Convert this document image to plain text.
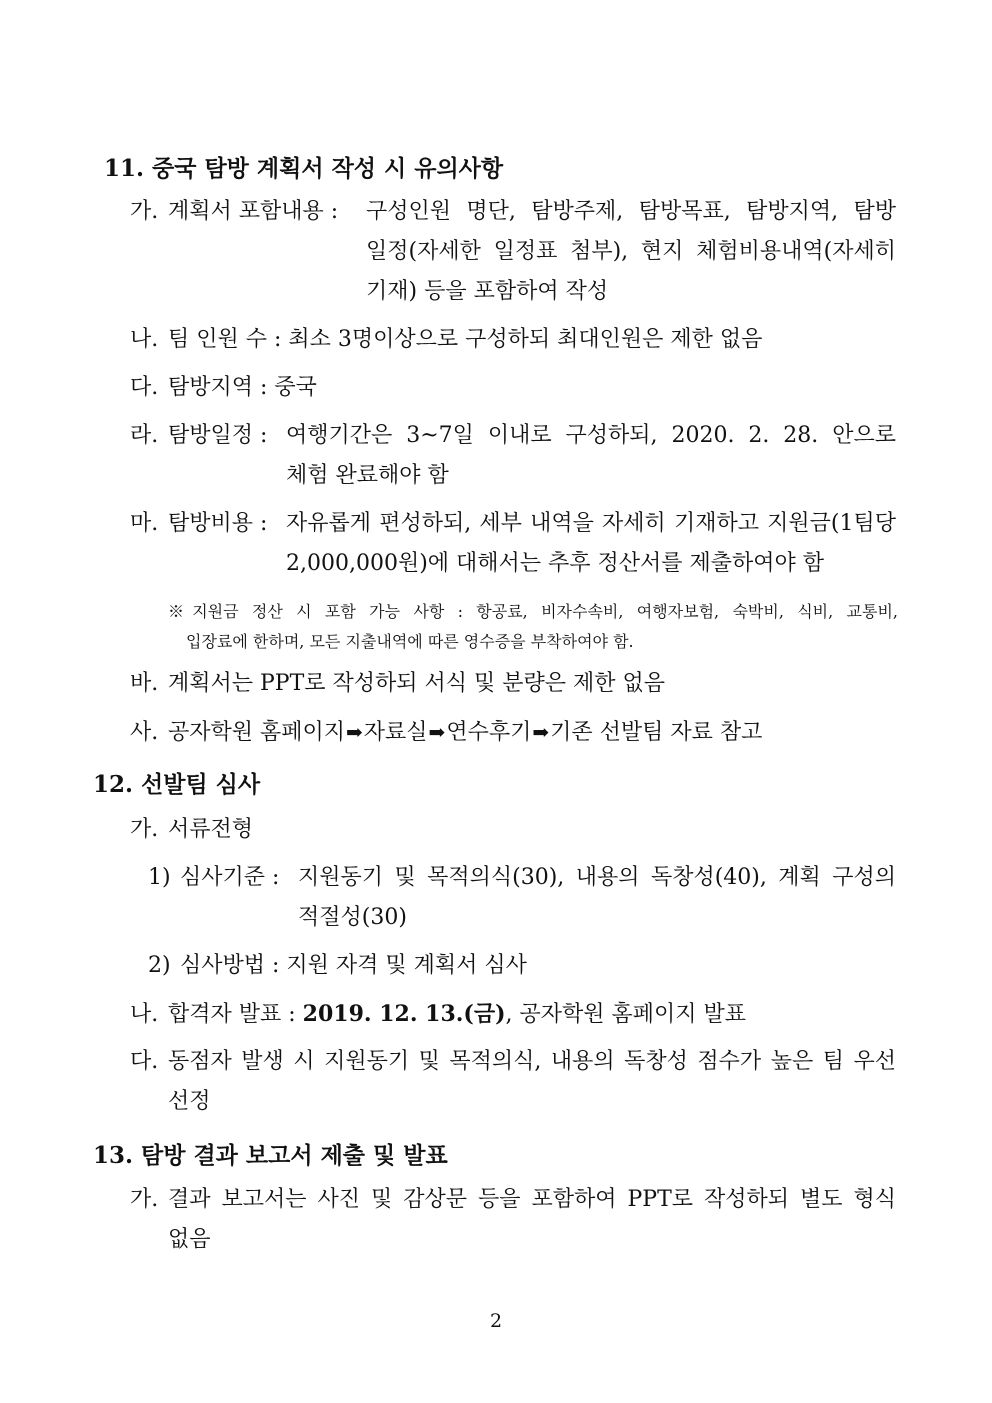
11. 중국 탐방 계획서 작성 시 유의사항
가. 계획서 포함내용 :	구성인원 명단, 탐방주제, 탐방목표, 탐방지역, 탐방 일정(자세한 일정표 첨부), 현지 체험비용내역(자세히 기재) 등을 포함하여 작성
나. 팀 인원 수 : 최소 3명이상으로 구성하되 최대인원은 제한 없음
다. 탐방지역 : 중국
라. 탐방일정 : 여행기간은 3~7일 이내로 구성하되, 2020. 2. 28. 안으로 체험 완료해야 함
마. 탐방비용 : 자유롭게 편성하되, 세부 내역을 자세히 기재하고 지원금(1팀당 2,000,000원)에 대해서는 추후 정산서를 제출하여야 함
※지원금 정산 시 포함 가능 사항 : 항공료, 비자수속비, 여행자보험, 숙박비, 식비, 교통비,
입장료에 한하며, 모든 지출내역에 따른 영수증을 부착하여야 함.
바. 계획서는 PPT로 작성하되 서식 및 분량은 제한 없음
사. 공자학원 홈페이지➡자료실➡연수후기➡기존 선발팀 자료 참고
12. 선발팀 심사
가. 서류전형
1) 심사기준 : 지원동기 및 목적의식(30), 내용의 독창성(40), 계획 구성의 적절성(30)
2) 심사방법 : 지원 자격 및 계획서 심사
나. 합격자 발표 : 2019. 12. 13.(금), 공자학원 홈페이지 발표
다. 동점자 발생 시 지원동기 및 목적의식, 내용의 독창성 점수가 높은 팀 우선 선정
13. 탐방 결과 보고서 제출 및 발표
가. 결과 보고서는 사진 및 감상문 등을 포함하여 PPT로 작성하되 별도 형식 없음
2
